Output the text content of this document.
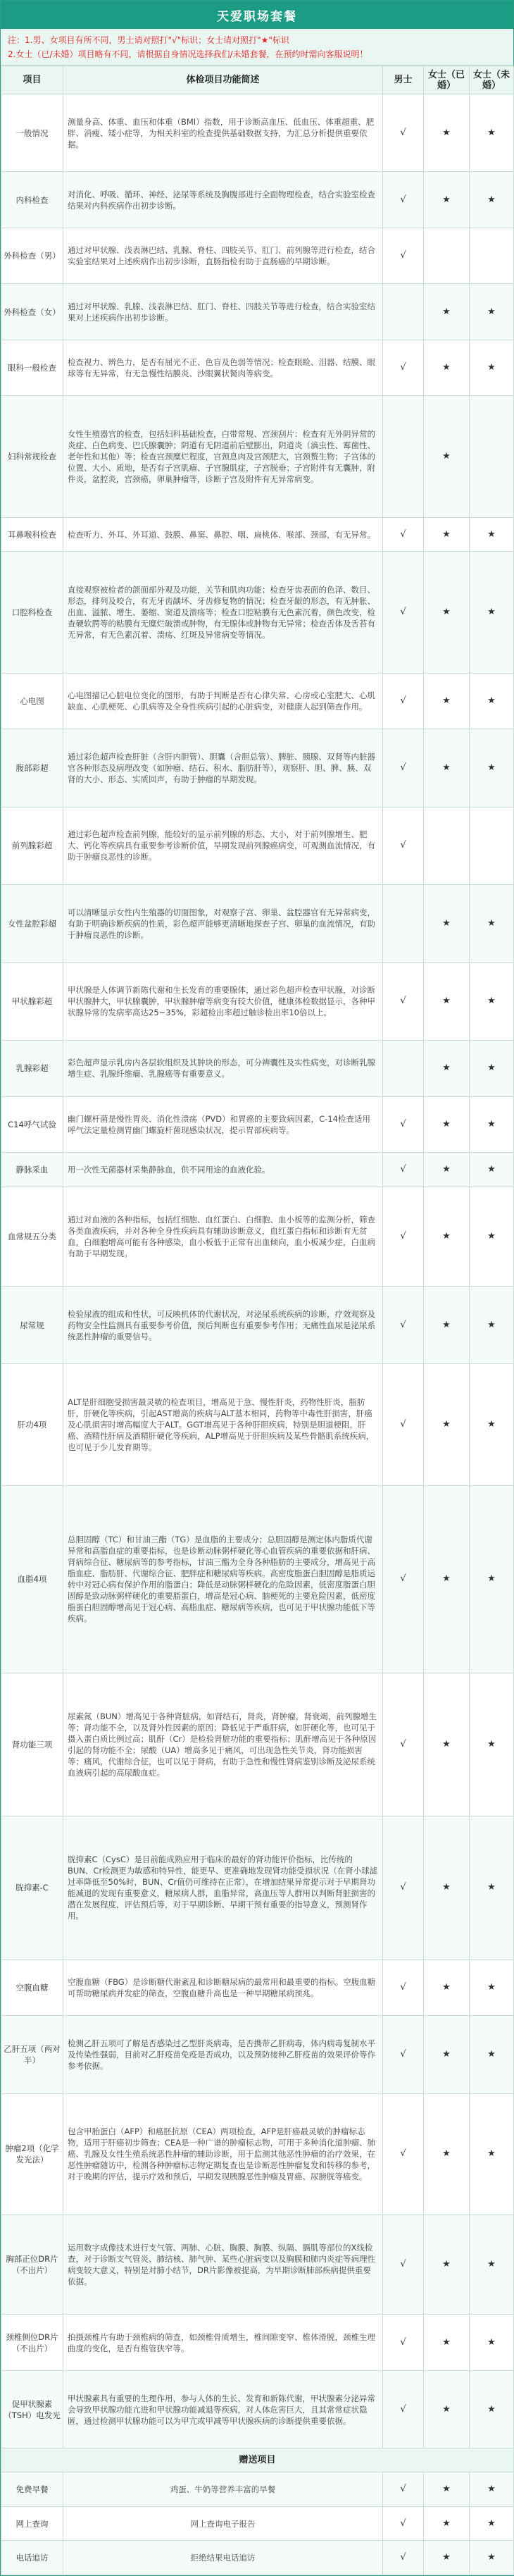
天爱职场套餐
注：1.男、女项目有所不同，男士请对照打"√"标识；女士请对照打"★"标识
2.女士（已/未婚）项目略有不同，请根据自身情况选择我们/未婚套餐，在预约时需向客服说明！
项目	体检项目功能简述	男士	女士（已婚）	女士（未婚）
一般情况	测量身高、体重、血压和体重（BMI）指数，用于诊断高血压、低血压、体重超重、肥胖、消瘦、矮小症等，为相关科室的检查提供基础数据支持，为汇总分析提供重要依据。	√	★	★
内科检查	对消化、呼吸、循环、神经、泌尿等系统及胸腹部进行全面物理检查，结合实验室检查结果对内科疾病作出初步诊断。	√	★	★
外科检查（男）	通过对甲状腺、浅表淋巴结、乳腺、脊柱、四肢关节、肛门、前列腺等进行检查，结合实验室结果对上述疾病作出初步诊断，直肠指检有助于直肠癌的早期诊断。	√		
外科检查（女）	通过对甲状腺、乳腺、浅表淋巴结、肛门、脊柱、四肢关节等进行检查，结合实验室结果对上述疾病作出初步诊断。		★	★
眼科一般检查	检查视力、辨色力，是否有屈光不正、色盲及色弱等情况；检查眼睑、泪器、结膜、眼球等有无异常，有无急慢性结膜炎、沙眼翼状胬肉等病变。	√	★	★
妇科常规检查	女性生殖器官的检查，包括妇科基础检查，白带常规、宫颈刮片：检查有无外阴异常的炎症、白色病变、巴氏腺囊肿；阴道有无阴道前后壁膨出，阴道炎（滴虫性、霉菌性、老年性和其他）等；检查宫颈糜烂程度，宫颈息肉及宫颈肥大，宫颈赘生物；子宫体的位置、大小、质地，是否有子宫肌瘤、子宫腺肌症，子宫脱垂；子宫附件有无囊肿，附件炎，盆腔炎，宫颈癌，卵巢肿瘤等，诊断子宫及附件有无异常病变。		★	
耳鼻喉科检查	检查听力、外耳、外耳道、鼓膜、鼻窦、鼻腔、咽、扁桃体、喉部、颈部，有无异常。	√	★	★
口腔科检查	直接观察被检者的颌面部外观及功能，关节和肌肉功能；检查牙齿表面的色泽、数目、形态，排列及咬合，有无牙齿龋坏、牙齿修复物的情况；检查牙龈的形态，有无肿胀、出血、溢脓、增生、萎缩、窦道及溃疡等；检查口腔粘膜有无色素沉着，颜色改变，检查硬软腭等的粘膜有无糜烂破溃或肿物，有无腺体或肿物有无异常；检查舌体及舌苔有无异常，有无色素沉着、溃疡、红斑及异常病变等情况。	√	★	★
心电图	心电图描记心脏电位变化的图形，有助于判断是否有心律失常、心房或心室肥大、心肌缺血、心肌梗死、心肌病等及全身性疾病引起的心脏病变，对健康人起到筛查作用。	√	★	★
腹部彩超	通过彩色超声检查肝脏（含肝内胆管）、胆囊（含胆总管）、脾脏、胰腺、双肾等内脏器官各种形态及病理改变（如肿瘤、结石、积水、脂肪肝等），观察肝、胆、脾、胰、双肾的大小、形态、实质回声，有助于肿瘤的早期发现。	√	★	★
前列腺彩超	通过彩色超声检查前列腺，能较好的显示前列腺的形态、大小，对于前列腺增生、肥大、钙化等疾病具有重要参考诊断价值，早期发现前列腺癌病变，可观测血流情况，有助于肿瘤良恶性的诊断。	√		
女性盆腔彩超	可以清晰显示女性内生殖器的切面图象，对观察子宫、卵巢、盆腔器官有无异常病变，有助于明确诊断疾病的性质，彩色超声能够更清晰地探查子宫、卵巢的血流情况，有助于肿瘤良恶性的诊断。		★	★
甲状腺彩超	甲状腺是人体调节新陈代谢和生长发育的重要腺体，通过彩色超声检查甲状腺，对诊断甲状腺肿大，甲状腺囊肿，甲状腺肿瘤等病变有较大价值，健康体检数据显示，各种甲状腺异常的发病率高达25~35%，彩超检出率超过触诊检出率10倍以上。	√	★	★
乳腺彩超	彩色超声显示乳房内各层软组织及其肿块的形态，可分辨囊性及实性病变，对诊断乳腺增生症、乳腺纤维瘤、乳腺癌等有重要意义。		★	★
C14呼气试验	幽门螺杆菌是慢性胃炎、消化性溃疡（PVD）和胃癌的主要致病因素，C-14检查适用呼气法定量检测胃幽门螺旋杆菌现感染状况，提示胃部疾病等。	√	★	★
静脉采血	用一次性无菌器材采集静脉血，供不同用途的血液化验。	√	★	★
血常规五分类	通过对血液的各种指标，包括红细胞、血红蛋白、白细胞、血小板等的监测分析，筛查各类血液疾病，并对各种全身性疾病具有辅助诊断意义，血红蛋白指标和诊断有无贫血，白细胞增高可能有各种感染，血小板低于正常有出血倾向，血小板减少症，白血病有助于早期发现。	√	★	★
尿常规	检验尿液的组成和性状，可反映机体的代谢状况，对泌尿系统疾病的诊断，疗效观察及药物安全性监测具有重要参考价值，预后判断也有重要参考作用；无痛性血尿是泌尿系统恶性肿瘤的重要信号。	√	★	★
肝功4项	ALT是肝细胞受损害最灵敏的检查项目，增高见于急、慢性肝炎，药物性肝炎，脂肪肝，肝硬化等疾病，引起AST增高的疾病与ALT基本相同，药物等中毒性肝损害，肝癌及心肌损害时增高幅度大于ALT。GGT增高见于各种肝胆疾病，特别是胆道梗阻，肝癌、酒精性肝病及酒精肝硬化等疾病，ALP增高见于肝胆疾病及某些骨骼肌系统疾病，也可见于少儿发育期等。	√	★	★
血脂4项	总胆固醇（TC）和甘油三酯（TG）是血脂的主要成分；总胆固醇是测定体内脂质代谢异常和高脂血症的重要指标，也是诊断动脉粥样硬化等心血管疾病的重要依据和肝病、肾病综合征、糖尿病等的参考指标，甘油三酯为全身各种脂肪的主要成分，增高见于高脂血症、脂肪肝、代谢综合征、肥胖症和糖尿病等疾病。高密度脂蛋白胆固醇是脂质运转中对冠心病有保护作用的脂蛋白；降低是动脉粥样硬化的危险因素，低密度脂蛋白胆固醇是致动脉粥样硬化的重要脂蛋白，增高是冠心病、脑梗死的主要危险因素，低密度脂蛋白胆固醇增高见于冠心病、高脂血症、糖尿病等疾病，也可见于甲状腺功能低下等疾病。	√	★	★
肾功能三项	尿素氮（BUN）增高见于各种肾脏病，如肾结石，肾炎，肾肿瘤，肾衰竭，前列腺增生等；肾功能不全，以及肾外性因素的原因；降低见于严重肝病，如肝硬化等，也可见于摄入蛋白质比例过高；肌酐（Cr）是检验肾脏功能的重要指标；肌酐增高见于各种原因引起的肾功能不全；尿酸（UA）增高多见于痛风，可出现急性关节炎，肾功能损害等；痛风，代谢综合征，也可以见于肾病，有助于急性和慢性肾病鉴别诊断及泌尿系统血液病引起的高尿酸血症。	√	★	★
胱抑素-C	胱抑素C（CysC）是目前能成熟应用于临床的最好的肾功能评价指标，比传统的BUN、Cr检测更为敏感和特异性，能更早、更准确地发现肾功能受损状况（在肾小球滤过率降低至50%时，BUN、Cr值仍可维持在正常），在增加结果异常提示对于早期肾功能减退的发现有重要意义，糖尿病人群，血脂异常，高血压等人群用以判断肾脏损害的潜在发展程度，评估预后等，对于早期诊断、早期干预有重要的指导意义，预测肾作用。	√	★	★
空腹血糖	空腹血糖（FBG）是诊断糖代谢紊乱和诊断糖尿病的最常用和最重要的指标。空腹血糖可帮助糖尿病并发症的筛查，空腹血糖升高也是一种早期糖尿病预兆。	√	★	★
乙肝五项（两对半）	检测乙肝五项可了解是否感染过乙型肝炎病毒，是否携带乙肝病毒，体内病毒复制水平及传染性强弱，目前对乙肝疫苗免疫是否成功，以及预防接种乙肝疫苗的效果评价等作参考依据。	√	★	★
肿瘤2项（化学发光法）	包含甲胎蛋白（AFP）和癌胚抗原（CEA）两项检查，AFP是肝癌最灵敏的肿瘤标志物，适用于肝癌初步筛查；CEA是一种广谱的肿瘤标志物，可用于多种消化道肿瘤、肺癌、乳腺及女性生殖系统恶性肿瘤的辅助诊断，用于监测其他恶性肿瘤的治疗效果，在恶性肿瘤随访中，检测各种肿瘤标志物定期复查也是诊断恶性肿瘤复发和转移的参考，对于晚期的评估，提示疗效和预后，早期发现胰腺恶性肿瘤及胃癌、尿膀胱等癌变。	√	★	★
胸部正位DR片（不出片）	运用数字成像技术进行支气管、两肺、心脏、胸膜、胸膜、纵隔、膈肌等部位的X线检查，对于诊断支气管炎、肺结核、肺气肿、某些心脏病变以及胸膜和肺内炎症等病理性病变较大意义，特别是对肺小结节，DR片影像被提高，为早期诊断肺部疾病提供重要依据。	√	★	★
颈椎侧位DR片（不出片）	拍摄颈椎片有助于颈椎病的筛查，如颈椎骨质增生，椎间隙变窄、椎体滑脱，颈椎生理曲度的变化，是否有椎管狭窄等。	√	★	★
促甲状腺素（TSH）电发光	甲状腺素具有重要的生理作用，参与人体的生长、发育和新陈代谢，甲状腺素分泌异常会导致甲状腺功能亢进和甲状腺功能减退等疾病，对人体危害巨大，且其常常症状隐匿，通过检测甲状腺功能可以为甲亢或甲减等甲状腺疾病的诊断提供重要依据。	√	★	★
赠送项目				
免费早餐	鸡蛋、牛奶等营养丰富的早餐	√	★	★
网上查询	网上查询电子报告	√	★	★
电话追访	拒绝结果电话追访	√	★	★
